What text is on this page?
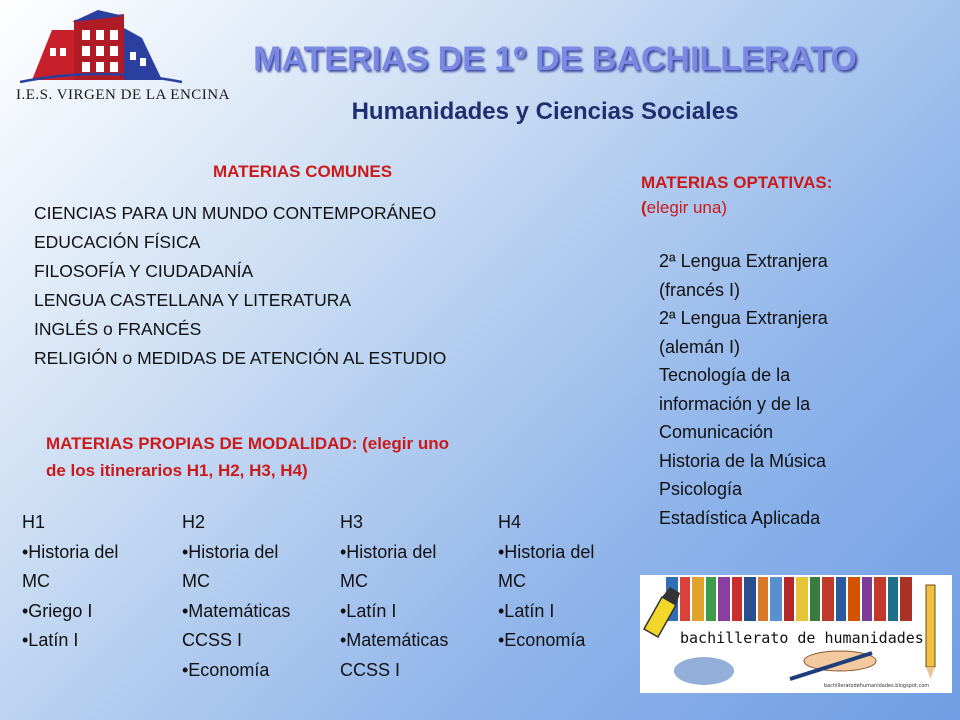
I.E.S. VIRGEN DE LA ENCINA
MATERIAS DE 1º DE BACHILLERATO
Humanidades y Ciencias Sociales
MATERIAS COMUNES
CIENCIAS PARA UN MUNDO CONTEMPORÁNEO
EDUCACIÓN FÍSICA
FILOSOFÍA Y CIUDADANÍA
LENGUA CASTELLANA Y LITERATURA
INGLÉS o FRANCÉS
RELIGIÓN o MEDIDAS DE ATENCIÓN AL ESTUDIO
MATERIAS OPTATIVAS:
(elegir una)
2ª Lengua Extranjera
(francés I)
2ª Lengua Extranjera
(alemán I)
Tecnología de la
información y de la
Comunicación
Historia de la Música
Psicología
Estadística Aplicada
MATERIAS PROPIAS DE MODALIDAD: (elegir uno
de los itinerarios H1, H2, H3, H4)
H1
•Historia del
MC
•Griego I
•Latín I
H2
•Historia del
MC
•Matemáticas
CCSS I
•Economía
H3
•Historia del
MC
•Latín I
•Matemáticas
CCSS I
H4
•Historia del
MC
•Latín I
•Economía	bachillerato de humanidades
bachilleratodehumanidades.blogspot.com
